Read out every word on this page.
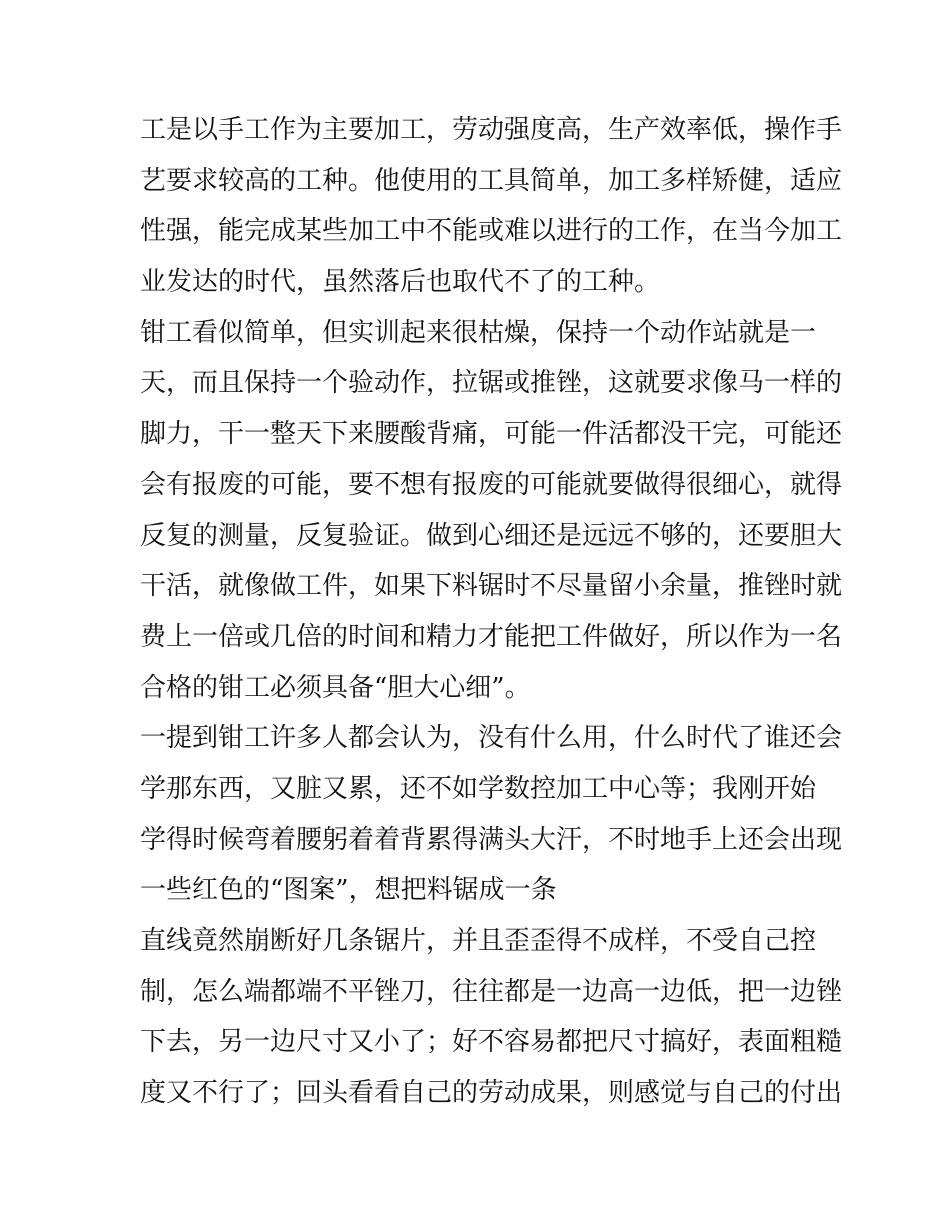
工是以手工作为主要加工，劳动强度高，生产效率低，操作手

艺要求较高的工种。他使用的工具简单，加工多样矫健，适应

性强，能完成某些加工中不能或难以进行的工作，在当今加工

业发达的时代，虽然落后也取代不了的工种。

钳工看似简单，但实训起来很枯燥，保持一个动作站就是一

天，而且保持一个验动作，拉锯或推锉，这就要求像马一样的

脚力，干一整天下来腰酸背痛，可能一件活都没干完，可能还

会有报废的可能，要不想有报废的可能就要做得很细心，就得

反复的测量，反复验证。做到心细还是远远不够的，还要胆大

干活，就像做工件，如果下料锯时不尽量留小余量，推锉时就

费上一倍或几倍的时间和精力才能把工件做好，所以作为一名

合格的钳工必须具备“胆大心细”。

一提到钳工许多人都会认为，没有什么用，什么时代了谁还会

学那东西，又脏又累，还不如学数控加工中心等；我刚开始

学得时候弯着腰躬着着背累得满头大汗，不时地手上还会出现

一些红色的“图案”，想把料锯成一条

直线竟然崩断好几条锯片，并且歪歪得不成样，不受自己控

制，怎么端都端不平锉刀，往往都是一边高一边低，把一边锉

下去，另一边尺寸又小了；好不容易都把尺寸搞好，表面粗糙

度又不行了；回头看看自己的劳动成果，则感觉与自己的付出
